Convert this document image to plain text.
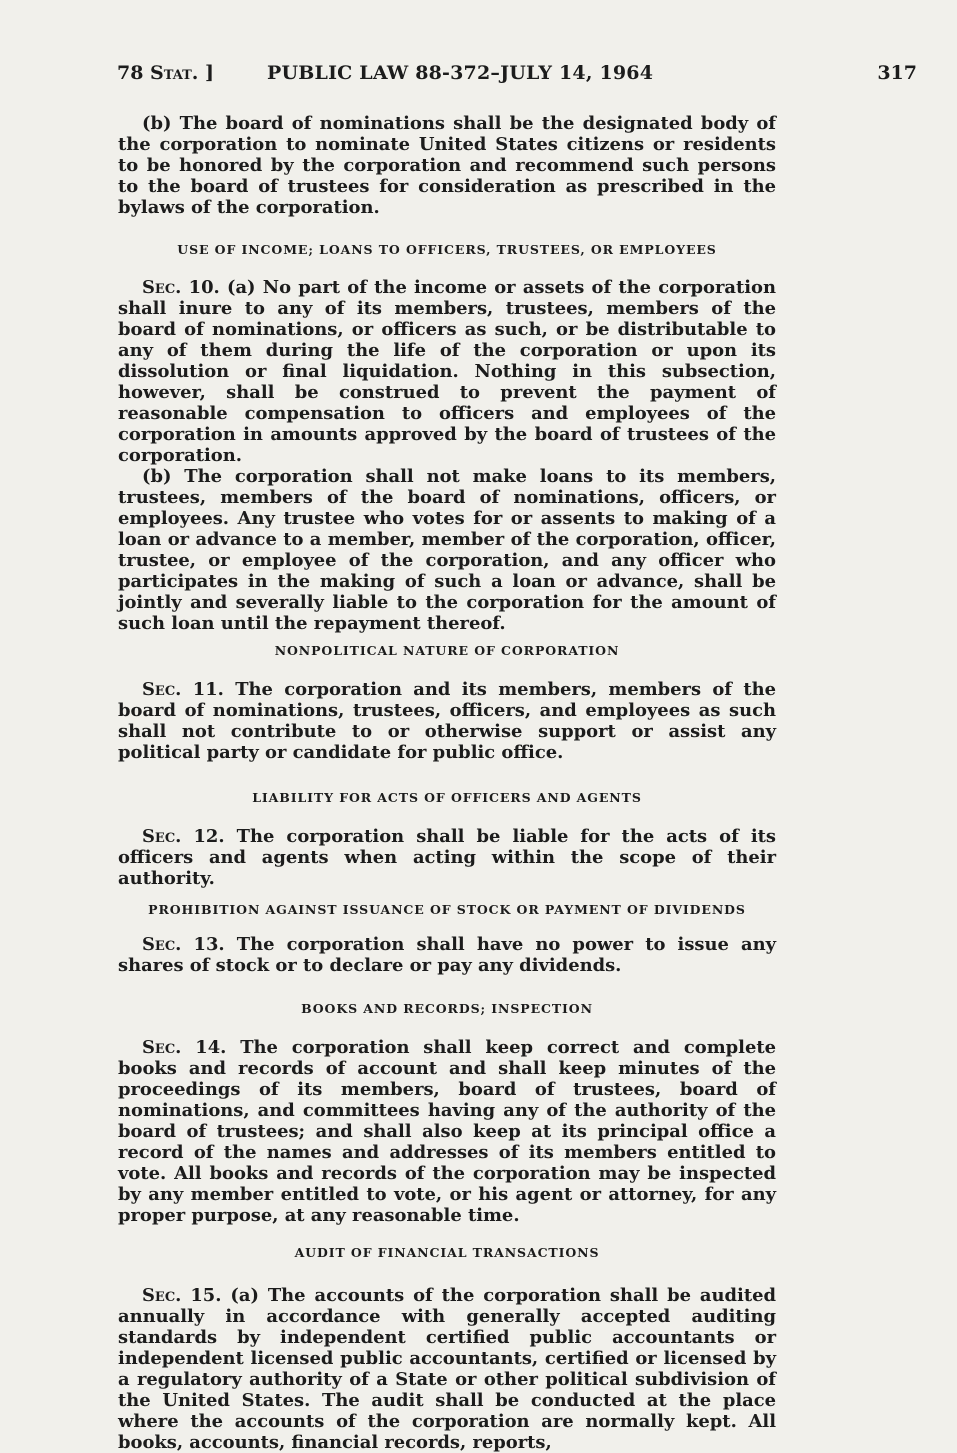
78 Stat. ]	PUBLIC LAW 88-372–JULY 14, 1964	317

(b) The board of nominations shall be the designated body of the corporation to nominate United States citizens or residents to be honored by the corporation and recommend such persons to the board of trustees for consideration as prescribed in the bylaws of the corporation.

USE OF INCOME; LOANS TO OFFICERS, TRUSTEES, OR EMPLOYEES

Sec. 10. (a) No part of the income or assets of the corporation shall inure to any of its members, trustees, members of the board of nominations, or officers as such, or be distributable to any of them during the life of the corporation or upon its dissolution or final liquidation. Nothing in this subsection, however, shall be construed to prevent the payment of reasonable compensation to officers and employees of the corporation in amounts approved by the board of trustees of the corporation.

(b) The corporation shall not make loans to its members, trustees, members of the board of nominations, officers, or employees. Any trustee who votes for or assents to making of a loan or advance to a member, member of the corporation, officer, trustee, or employee of the corporation, and any officer who participates in the making of such a loan or advance, shall be jointly and severally liable to the corporation for the amount of such loan until the repayment thereof.

NONPOLITICAL NATURE OF CORPORATION

Sec. 11. The corporation and its members, members of the board of nominations, trustees, officers, and employees as such shall not contribute to or otherwise support or assist any political party or candidate for public office.

LIABILITY FOR ACTS OF OFFICERS AND AGENTS

Sec. 12. The corporation shall be liable for the acts of its officers and agents when acting within the scope of their authority.

PROHIBITION AGAINST ISSUANCE OF STOCK OR PAYMENT OF DIVIDENDS

Sec. 13. The corporation shall have no power to issue any shares of stock or to declare or pay any dividends.

BOOKS AND RECORDS; INSPECTION

Sec. 14. The corporation shall keep correct and complete books and records of account and shall keep minutes of the proceedings of its members, board of trustees, board of nominations, and committees having any of the authority of the board of trustees; and shall also keep at its principal office a record of the names and addresses of its members entitled to vote. All books and records of the corporation may be inspected by any member entitled to vote, or his agent or attorney, for any proper purpose, at any reasonable time.

AUDIT OF FINANCIAL TRANSACTIONS

Sec. 15. (a) The accounts of the corporation shall be audited annually in accordance with generally accepted auditing standards by independent certified public accountants or independent licensed public accountants, certified or licensed by a regulatory authority of a State or other political subdivision of the United States. The audit shall be conducted at the place where the accounts of the corporation are normally kept. All books, accounts, financial records, reports,
